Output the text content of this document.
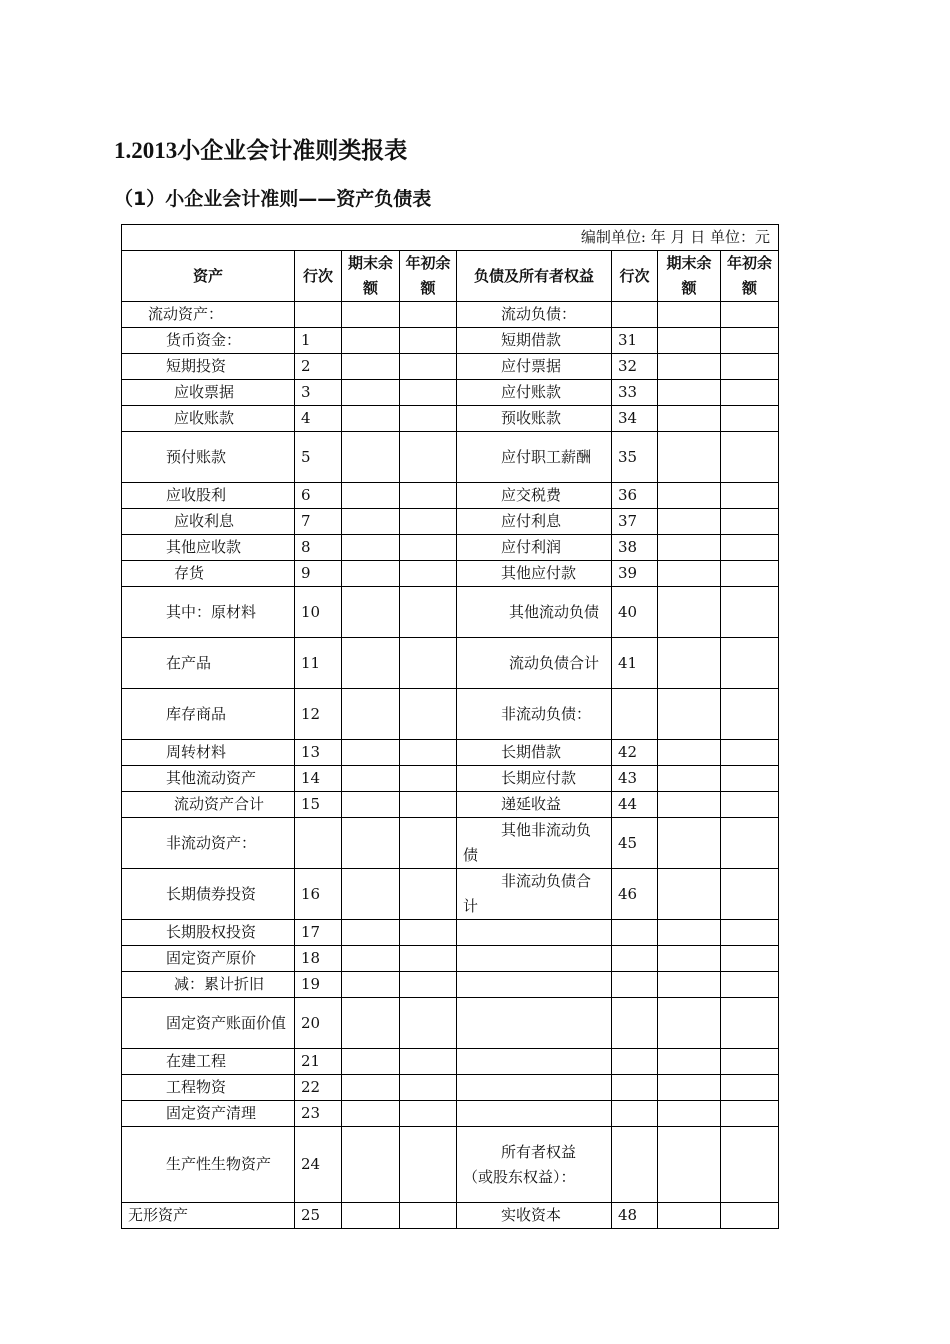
1.2013小企业会计准则类报表
（1）小企业会计准则——资产负债表
编制单位: 年 月 日 单位：元							
资产	行次	期末余额	年初余额	负债及所有者权益	行次	期末余额	年初余额
流动资产：				流动负债：			
货币资金：	1			短期借款	31		
短期投资	2			应付票据	32		
应收票据	3			应付账款	33		
应收账款	4			预收账款	34		
预付账款	5			应付职工薪酬	35		
应收股利	6			应交税费	36		
应收利息	7			应付利息	37		
其他应收款	8			应付利润	38		
存货	9			其他应付款	39		
其中：原材料	10			其他流动负债	40		
在产品	11			流动负债合计	41		
库存商品	12			非流动负债：			
周转材料	13			长期借款	42		
其他流动资产	14			长期应付款	43		
流动资产合计	15			递延收益	44		
非流动资产：				其他非流动负债	45		
长期债券投资	16			非流动负债合计	46		
长期股权投资	17						
固定资产原价	18						
减：累计折旧	19						
固定资产账面价值	20						
在建工程	21						
工程物资	22						
固定资产清理	23						
生产性生物资产	24			所有者权益（或股东权益）：			
无形资产	25			实收资本	48		
